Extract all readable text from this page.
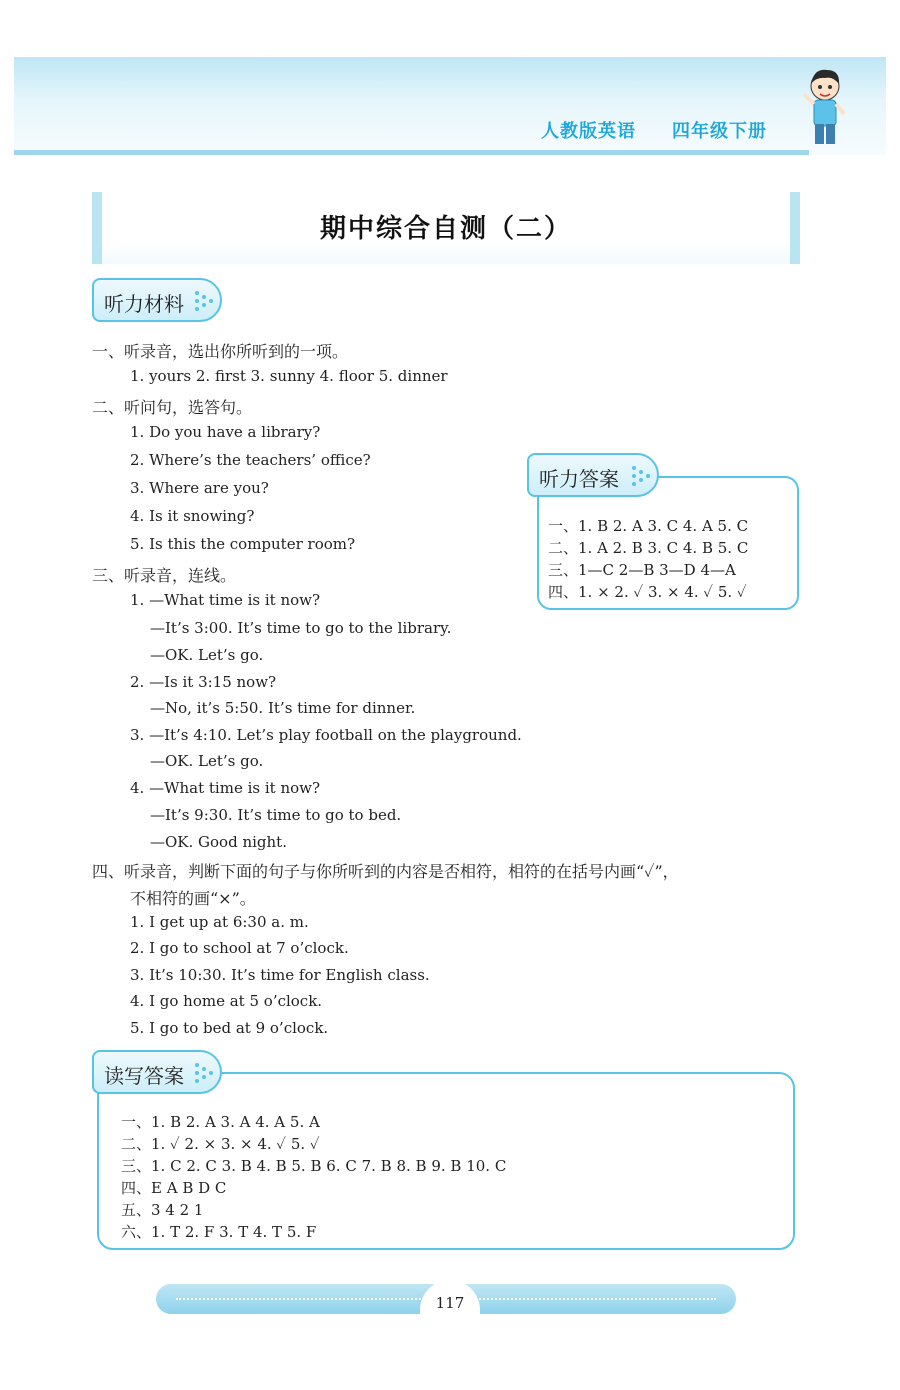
人教版英语 四年级下册
期中综合自测（二）
听力材料
一、听录音，选出你所听到的一项。
1. yours 2. first 3. sunny 4. floor 5. dinner
二、听问句，选答句。
1. Do you have a library?
2. Where’s the teachers’ office?
3. Where are you?
4. Is it snowing?
5. Is this the computer room?
三、听录音，连线。
1. —What time is it now?
—It’s 3:00. It’s time to go to the library.
—OK. Let’s go.
2. —Is it 3:15 now?
—No, it’s 5:50. It’s time for dinner.
3. —It’s 4:10. Let’s play football on the playground.
—OK. Let’s go.
4. —What time is it now?
—It’s 9:30. It’s time to go to bed.
—OK. Good night.
四、听录音，判断下面的句子与你所听到的内容是否相符，相符的在括号内画“✓”，
不相符的画“×”。
1. I get up at 6:30 a. m.
2. I go to school at 7 o’clock.
3. It’s 10:30. It’s time for English class.
4. I go home at 5 o’clock.
5. I go to bed at 9 o’clock.
听力答案
一、1. B 2. A 3. C 4. A 5. C
二、1. A 2. B 3. C 4. B 5. C
三、1—C 2—B 3—D 4—A
四、1. × 2. ✓ 3. × 4. ✓ 5. ✓
读写答案
一、1. B 2. A 3. A 4. A 5. A
二、1. ✓ 2. × 3. × 4. ✓ 5. ✓
三、1. C 2. C 3. B 4. B 5. B 6. C 7. B 8. B 9. B 10. C
四、E A B D C
五、3 4 2 1
六、1. T 2. F 3. T 4. T 5. F
117
